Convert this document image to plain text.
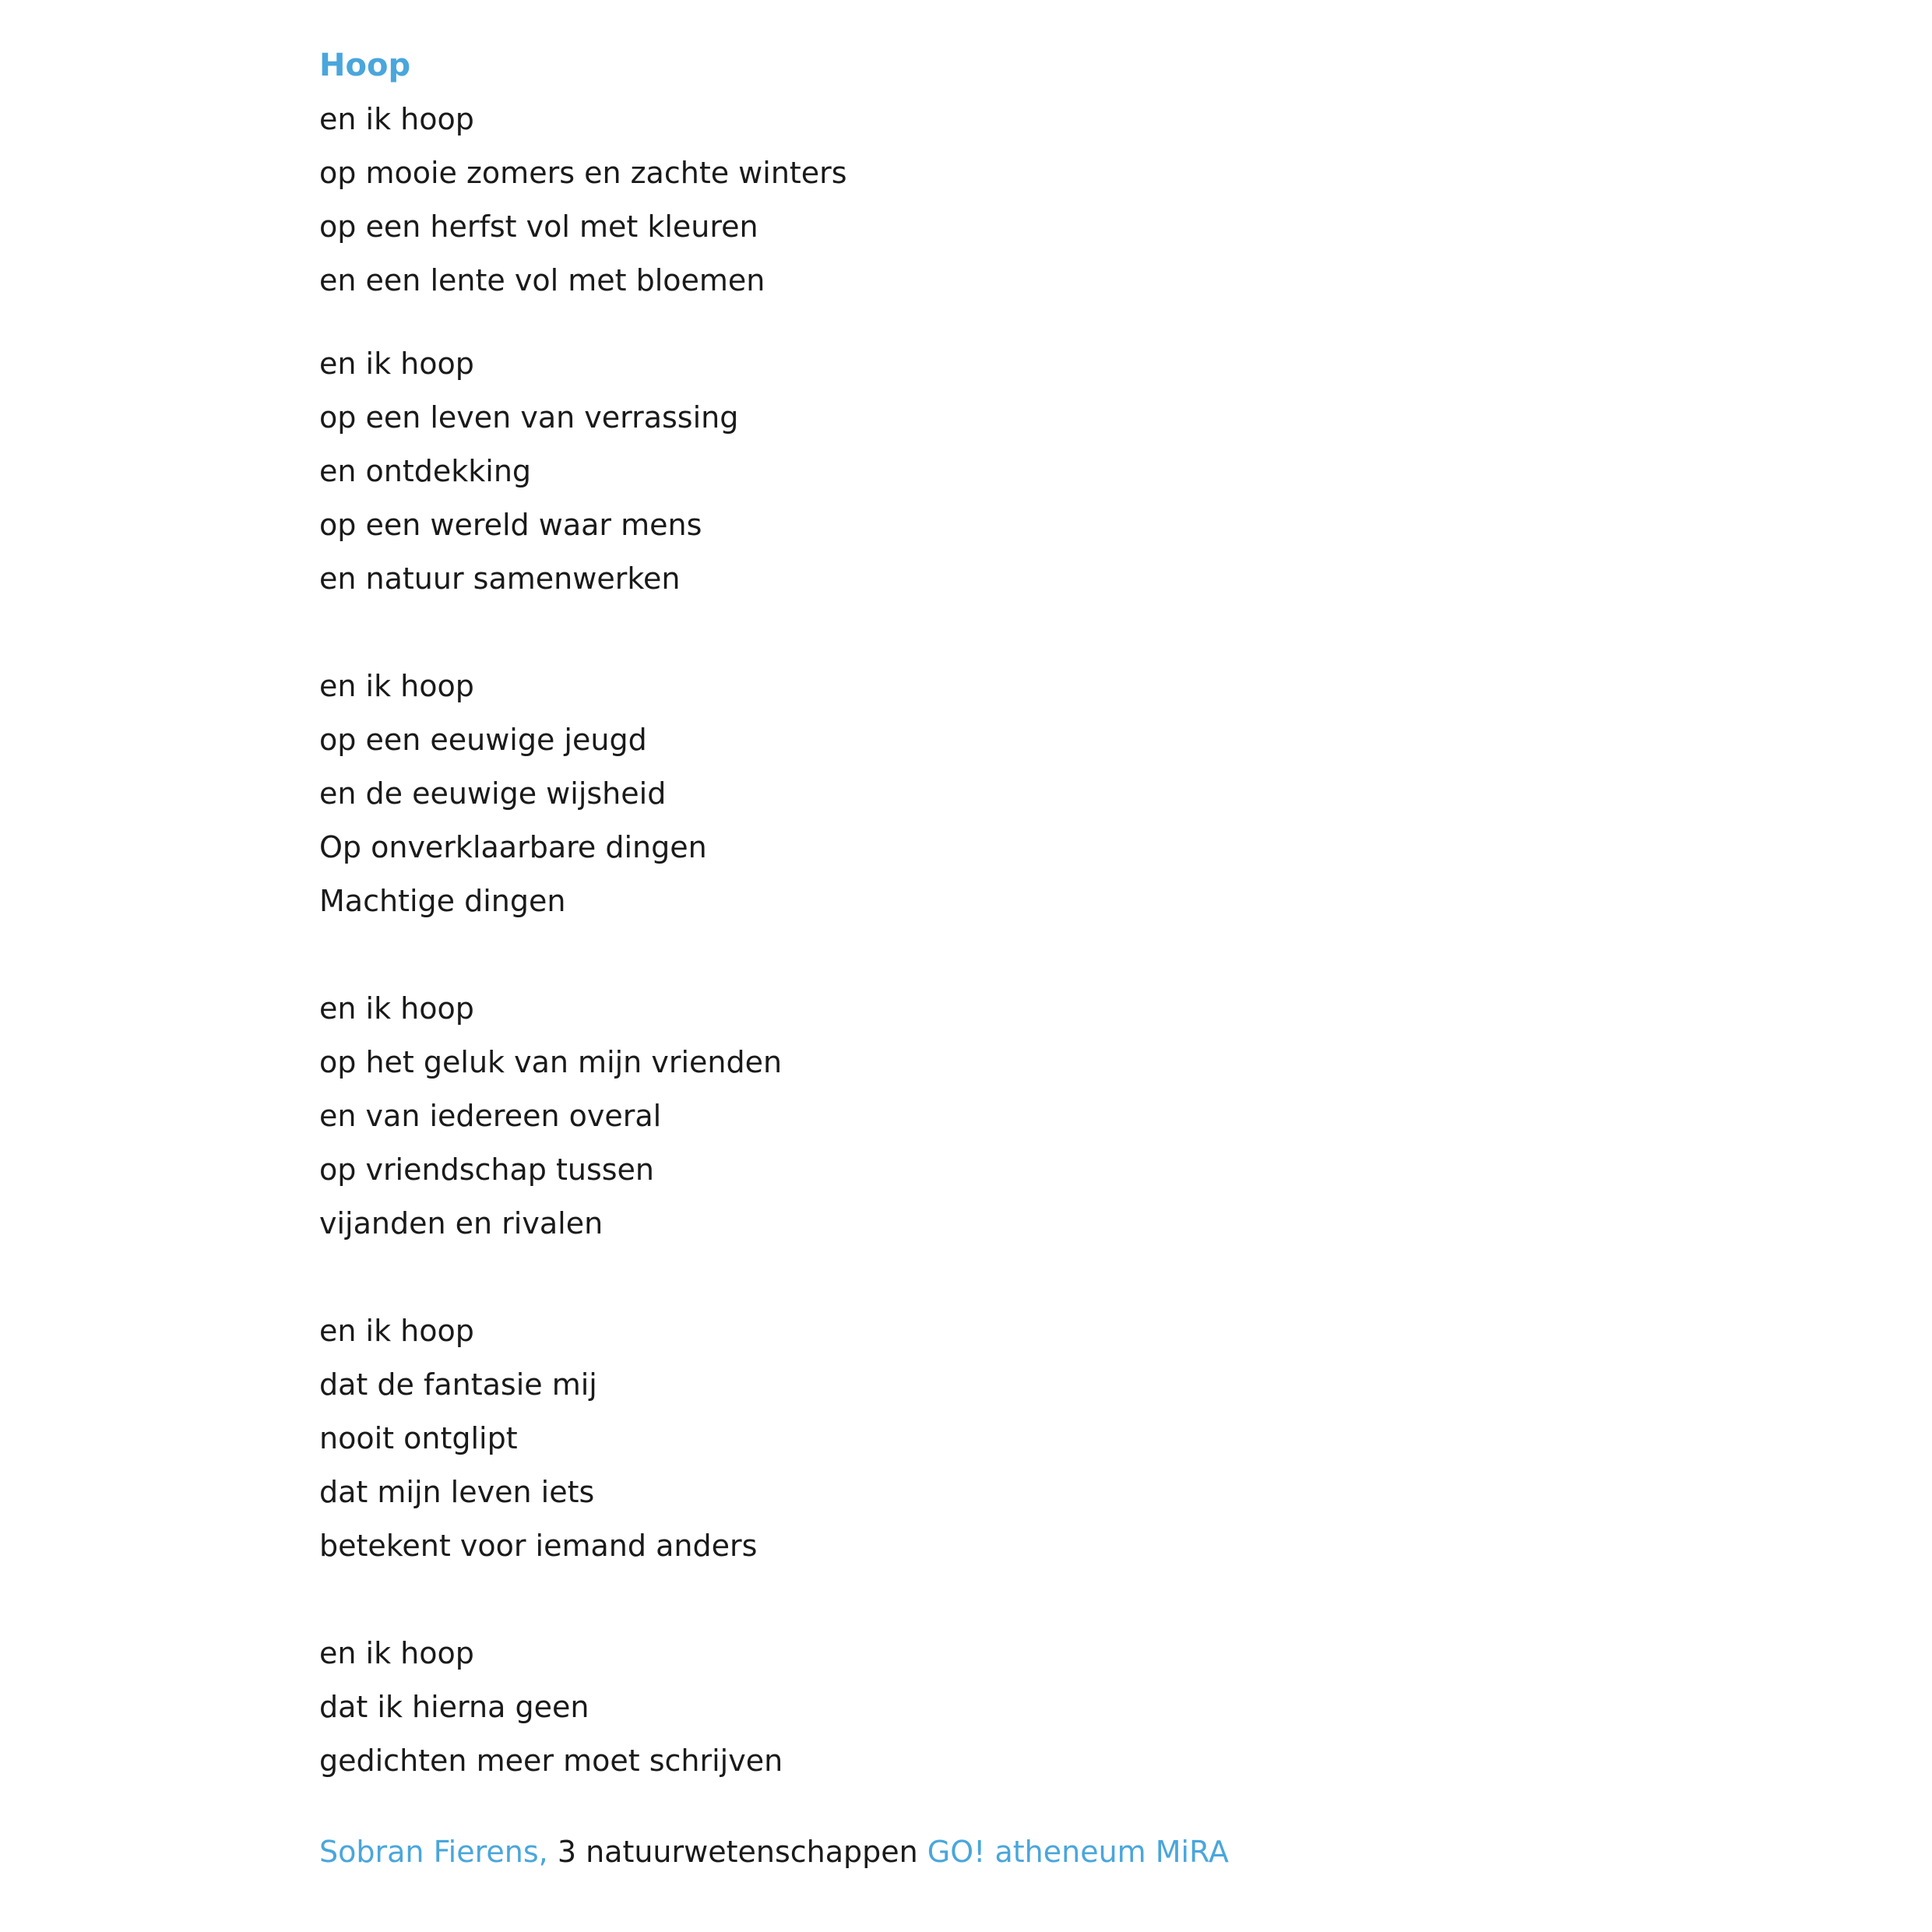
Hoop
en ik hoop
op mooie zomers en zachte winters
op een herfst vol met kleuren
en een lente vol met bloemen
en ik hoop
op een leven van verrassing
en ontdekking
op een wereld waar mens
en natuur samenwerken
en ik hoop
op een eeuwige jeugd
en de eeuwige wijsheid
Op onverklaarbare dingen
Machtige dingen
en ik hoop
op het geluk van mijn vrienden
en van iedereen overal
op vriendschap tussen
vijanden en rivalen
en ik hoop
dat de fantasie mij
nooit ontglipt
dat mijn leven iets
betekent voor iemand anders
en ik hoop
dat ik hierna geen
gedichten meer moet schrijven
Sobran Fierens, 3 natuurwetenschappen GO! atheneum MiRA
